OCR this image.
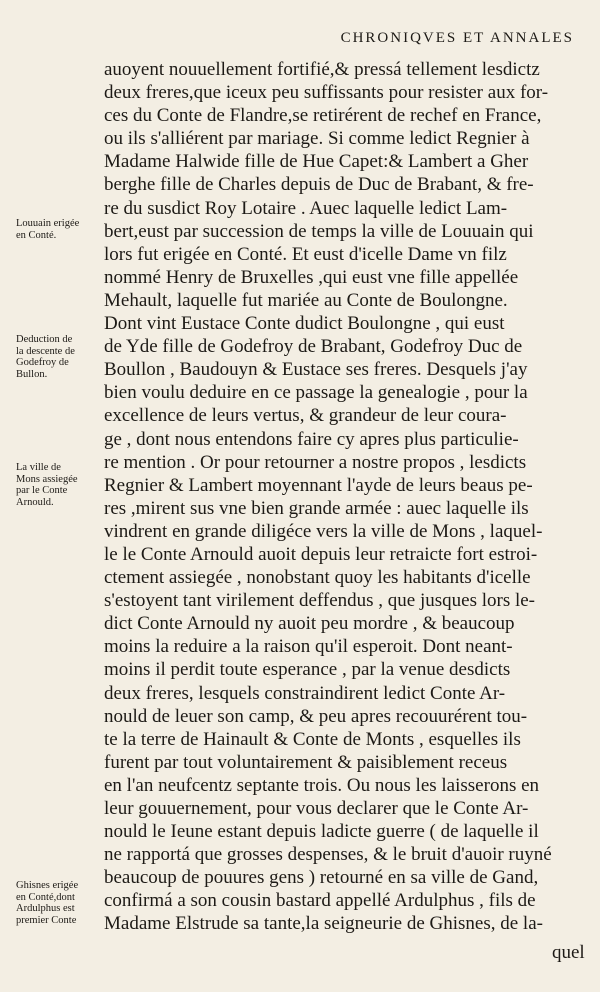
CHRONIQVES ET ANNALES
Louuain erigée
en Conté.
Deduction de
la descente de
Godefroy de
Bullon.
La ville de
Mons assiegée
par le Conte
Arnould.
Ghisnes erigée
en Conté,dont
Ardulphus est
premier Conte
auoyent nouuellement fortifié,& pressá tellement lesdictz
deux freres,que iceux peu suffissants pour resister aux for-
ces du Conte de Flandre,se retirérent de rechef en France,
ou ils s'alliérent par mariage. Si comme ledict Regnier à
Madame Halwide fille de Hue Capet:& Lambert a Gher
berghe fille de Charles depuis de Duc de Brabant, & fre-
re du susdict Roy Lotaire . Auec laquelle ledict Lam-
bert,eust par succession de temps la ville de Louuain qui
lors fut erigée en Conté. Et eust d'icelle Dame vn filz
nommé Henry de Bruxelles ,qui eust vne fille appellée
Mehault, laquelle fut mariée au Conte de Boulongne.
Dont vint Eustace Conte dudict Boulongne , qui eust
de Yde fille de Godefroy de Brabant, Godefroy Duc de
Boullon , Baudouyn & Eustace ses freres. Desquels j'ay
bien voulu deduire en ce passage la genealogie , pour la
excellence de leurs vertus, & grandeur de leur coura-
ge , dont nous entendons faire cy apres plus particulie-
re mention . Or pour retourner a nostre propos , lesdicts
Regnier & Lambert moyennant l'ayde de leurs beaus pe-
res ,mirent sus vne bien grande armée : auec laquelle ils
vindrent en grande diligéce vers la ville de Mons , laquel-
le le Conte Arnould auoit depuis leur retraicte fort estroi-
ctement assiegée , nonobstant quoy les habitants d'icelle
s'estoyent tant virilement deffendus , que jusques lors le-
dict Conte Arnould ny auoit peu mordre , & beaucoup
moins la reduire a la raison qu'il esperoit. Dont neant-
moins il perdit toute esperance , par la venue desdicts
deux freres, lesquels constraindirent ledict Conte Ar-
nould de leuer son camp, & peu apres recouurérent tou-
te la terre de Hainault & Conte de Monts , esquelles ils
furent par tout voluntairement & paisiblement receus
en l'an neufcentz septante trois. Ou nous les laisserons en
leur gouuernement, pour vous declarer que le Conte Ar-
nould le Ieune estant depuis ladicte guerre ( de laquelle il
ne rapportá que grosses despenses, & le bruit d'auoir ruyné
beaucoup de pouures gens ) retourné en sa ville de Gand,
confirmá a son cousin bastard appellé Ardulphus , fils de
Madame Elstrude sa tante,la seigneurie de Ghisnes, de la-
quel
